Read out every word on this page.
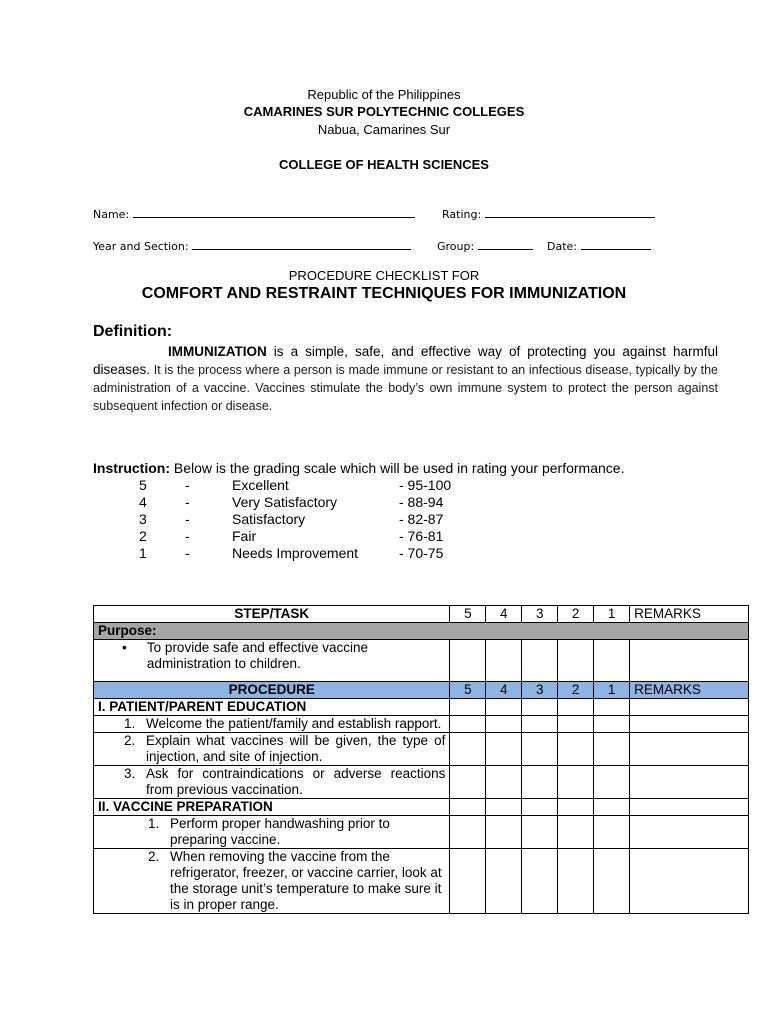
Republic of the Philippines
CAMARINES SUR POLYTECHNIC COLLEGES
Nabua, Camarines Sur
COLLEGE OF HEALTH SCIENCES
Name:	Rating:
Year and Section:	Group:	Date:
PROCEDURE CHECKLIST FOR
COMFORT AND RESTRAINT TECHNIQUES FOR IMMUNIZATION
Definition:
IMMUNIZATION is a simple, safe, and effective way of protecting you against harmful diseases. It is the process where a person is made immune or resistant to an infectious disease, typically by the administration of a vaccine. Vaccines stimulate the body’s own immune system to protect the person against subsequent infection or disease.
Instruction: Below is the grading scale which will be used in rating your performance.
5	-	Excellent	- 95-100
4	-	Very Satisfactory	- 88-94
3	-	Satisfactory	- 82-87
2	-	Fair	- 76-81
1	-	Needs Improvement	- 70-75
STEP/TASK	5	4	3	2	1	REMARKS
Purpose:						

• To provide safe and effective vaccine administration to children.						

PROCEDURE	5	4	3	2	1	REMARKS
I. PATIENT/PARENT EDUCATION						

1. Welcome the patient/family and establish rapport.						

2. Explain what vaccines will be given, the type of injection, and site of injection.						

3. Ask for contraindications or adverse reactions from previous vaccination.						

II. VACCINE PREPARATION						

1. Perform proper handwashing prior to preparing vaccine.						

2. When removing the vaccine from the refrigerator, freezer, or vaccine carrier, look at the storage unit’s temperature to make sure it is in proper range.						
